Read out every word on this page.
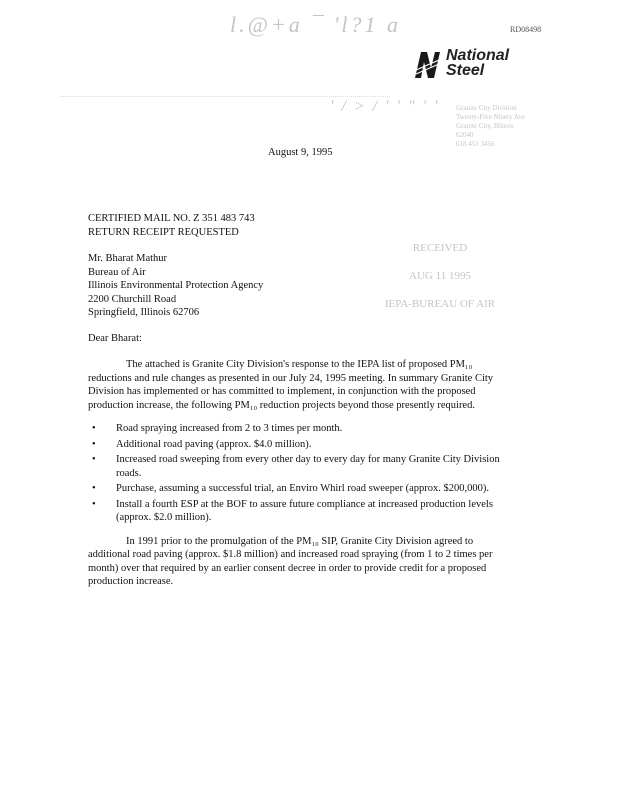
l.@+a ¯ 'l?1 a	RD08498
National
Steel
' / > / ' ' " ' ' Granite City Division
Twenty-Five Ninety Ave
Granite City, Illinois
62040
618 451 3456
August 9, 1995
CERTIFIED MAIL NO. Z 351 483 743
RETURN RECEIPT REQUESTED
Mr. Bharat Mathur
Bureau of Air
Illinois Environmental Protection Agency
2200 Churchill Road
Springfield, Illinois 62706
RECEIVED
AUG 11 1995
IEPA-BUREAU OF AIR
Dear Bharat:

The attached is Granite City Division's response to the IEPA list of proposed PM₁₀ reductions and rule changes as presented in our July 24, 1995 meeting. In summary Granite City Division has implemented or has committed to implement, in conjunction with the proposed production increase, the following PM₁₀ reduction projects beyond those presently required.

• Road spraying increased from 2 to 3 times per month.
• Additional road paving (approx. $4.0 million).
• Increased road sweeping from every other day to every day for many Granite City Division roads.
• Purchase, assuming a successful trial, an Enviro Whirl road sweeper (approx. $200,000).
• Install a fourth ESP at the BOF to assure future compliance at increased production levels (approx. $2.0 million).

In 1991 prior to the promulgation of the PM₁₀ SIP, Granite City Division agreed to additional road paving (approx. $1.8 million) and increased road spraying (from 1 to 2 times per month) over that required by an earlier consent decree in order to provide credit for a proposed production increase.
